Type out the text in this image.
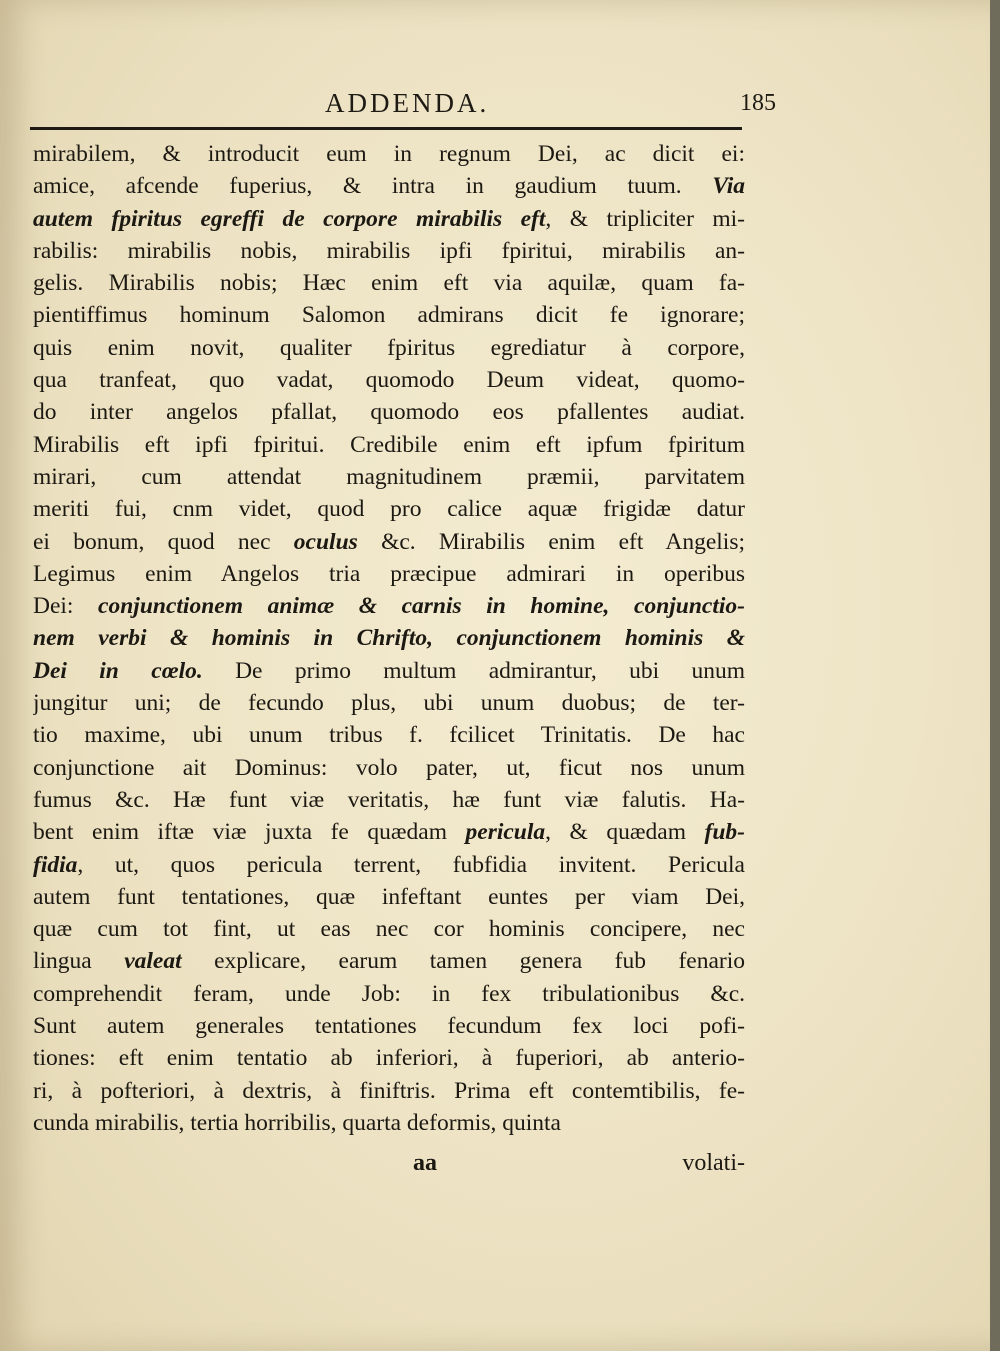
ADDENDA.	185
mirabilem, & introducit eum in regnum Dei, ac dicit ei:
amice, afcende fuperius, & intra in gaudium tuum. Via
autem fpiritus egreffi de corpore mirabilis eft, & tripliciter mi-
rabilis: mirabilis nobis, mirabilis ipfi fpiritui, mirabilis an-
gelis. Mirabilis nobis; Hæc enim eft via aquilæ, quam fa-
pientiffimus hominum Salomon admirans dicit fe ignorare;
quis enim novit, qualiter fpiritus egrediatur à corpore,
qua tranfeat, quo vadat, quomodo Deum videat, quomo-
do inter angelos pfallat, quomodo eos pfallentes audiat.
Mirabilis eft ipfi fpiritui. Credibile enim eft ipfum fpiritum
mirari, cum attendat magnitudinem præmii, parvitatem
meriti fui, cnm videt, quod pro calice aquæ frigidæ datur
ei bonum, quod nec oculus &c. Mirabilis enim eft Angelis;
Legimus enim Angelos tria præcipue admirari in operibus
Dei: conjunctionem animæ & carnis in homine, conjunctio-
nem verbi & hominis in Chrifto, conjunctionem hominis &
Dei in cœlo. De primo multum admirantur, ubi unum
jungitur uni; de fecundo plus, ubi unum duobus; de ter-
tio maxime, ubi unum tribus f. fcilicet Trinitatis. De hac
conjunctione ait Dominus: volo pater, ut, ficut nos unum
fumus &c. Hæ funt viæ veritatis, hæ funt viæ falutis. Ha-
bent enim iftæ viæ juxta fe quædam pericula, & quædam fub-
fidia, ut, quos pericula terrent, fubfidia invitent. Pericula
autem funt tentationes, quæ infeftant euntes per viam Dei,
quæ cum tot fint, ut eas nec cor hominis concipere, nec
lingua valeat explicare, earum tamen genera fub fenario
comprehendit feram, unde Job: in fex tribulationibus &c.
Sunt autem generales tentationes fecundum fex loci pofi-
tiones: eft enim tentatio ab inferiori, à fuperiori, ab anterio-
ri, à pofteriori, à dextris, à finiftris. Prima eft contemtibilis, fe-
cunda mirabilis, tertia horribilis, quarta deformis, quinta
aa	volati-
